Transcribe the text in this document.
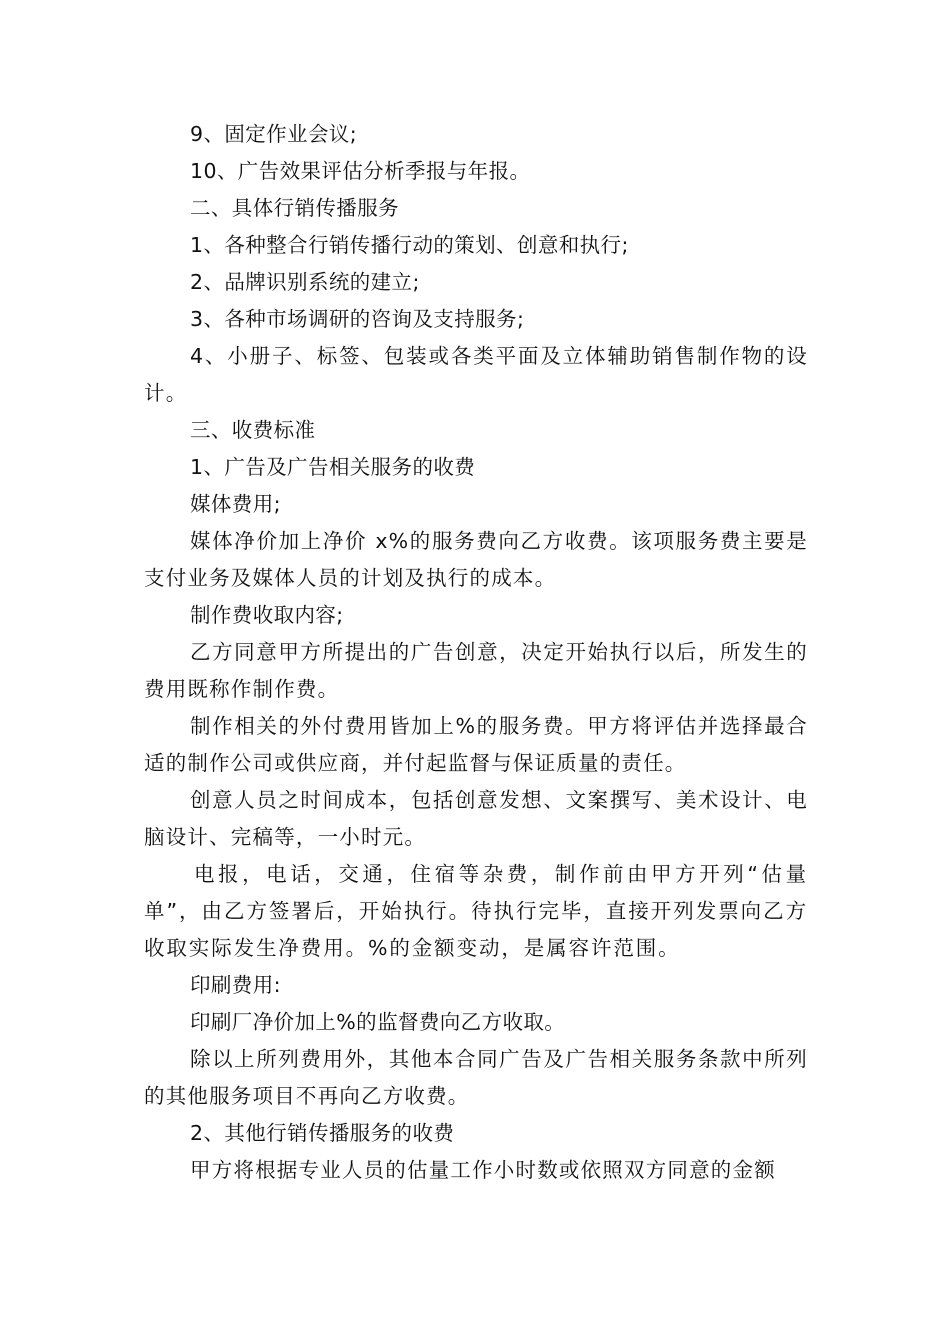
9、固定作业会议;

10、广告效果评估分析季报与年报。

二、具体行销传播服务

1、各种整合行销传播行动的策划、创意和执行;

2、品牌识别系统的建立;

3、各种市场调研的咨询及支持服务;

4、小册子、标签、包装或各类平面及立体辅助销售制作物的设计。

三、收费标准

1、广告及广告相关服务的收费

媒体费用;

媒体净价加上净价 x%的服务费向乙方收费。该项服务费主要是支付业务及媒体人员的计划及执行的成本。

制作费收取内容;

乙方同意甲方所提出的广告创意，决定开始执行以后，所发生的费用既称作制作费。

制作相关的外付费用皆加上%的服务费。甲方将评估并选择最合适的制作公司或供应商，并付起监督与保证质量的责任。

创意人员之时间成本，包括创意发想、文案撰写、美术设计、电脑设计、完稿等，一小时元。

电报，电话，交通，住宿等杂费，制作前由甲方开列“估量单”，由乙方签署后，开始执行。待执行完毕，直接开列发票向乙方收取实际发生净费用。%的金额变动，是属容许范围。

印刷费用:

印刷厂净价加上%的监督费向乙方收取。

除以上所列费用外，其他本合同广告及广告相关服务条款中所列的其他服务项目不再向乙方收费。

2、其他行销传播服务的收费

甲方将根据专业人员的估量工作小时数或依照双方同意的金额
